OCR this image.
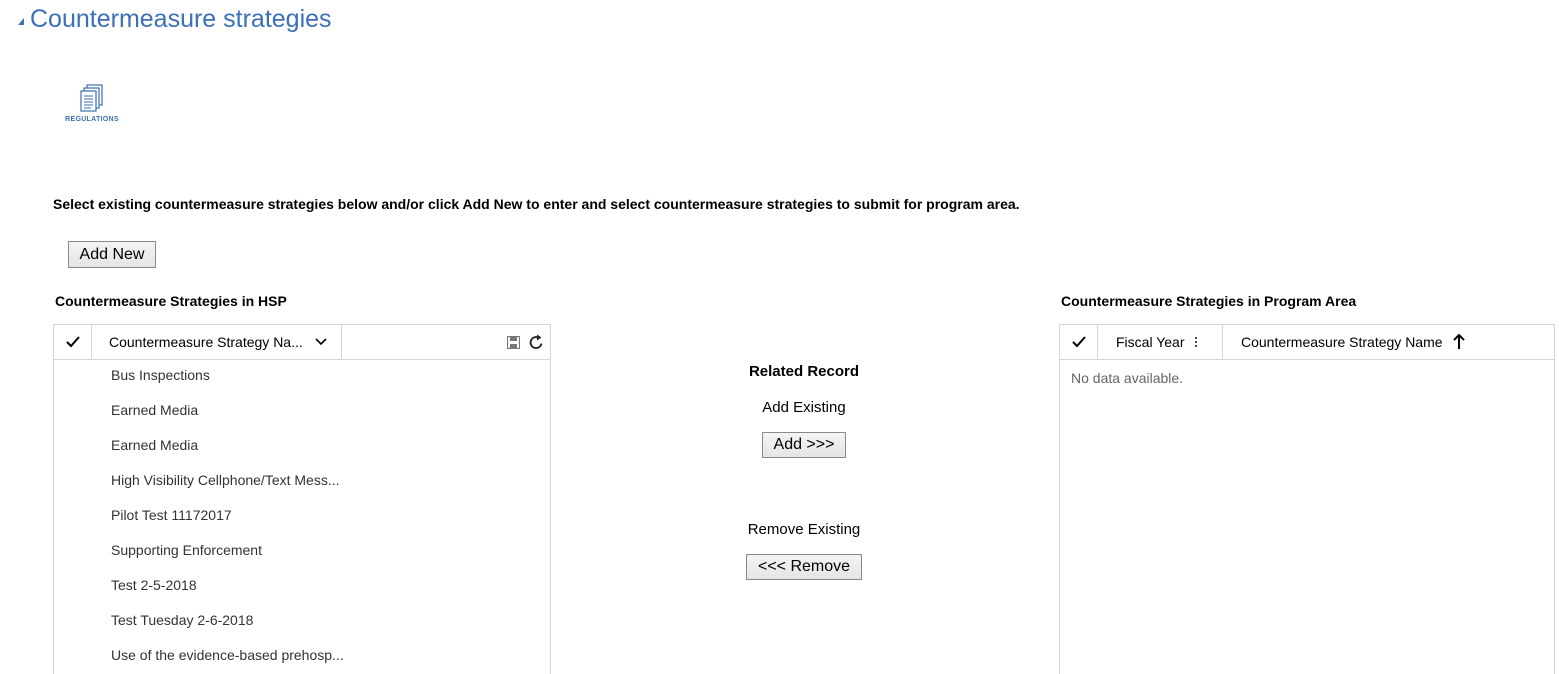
Countermeasure strategies
REGULATIONS
Select existing countermeasure strategies below and/or click Add New to enter and select countermeasure strategies to submit for program area.
Add New
Countermeasure Strategies in HSP
Countermeasure Strategy Na...
Bus Inspections
Earned Media
Earned Media
High Visibility Cellphone/Text Mess...
Pilot Test 11172017
Supporting Enforcement
Test 2-5-2018
Test Tuesday 2-6-2018
Use of the evidence-based prehosp...
Related Record
Add Existing
Add >>>
Remove Existing
<<< Remove
Countermeasure Strategies in Program Area
Fiscal Year	Countermeasure Strategy Name
No data available.
